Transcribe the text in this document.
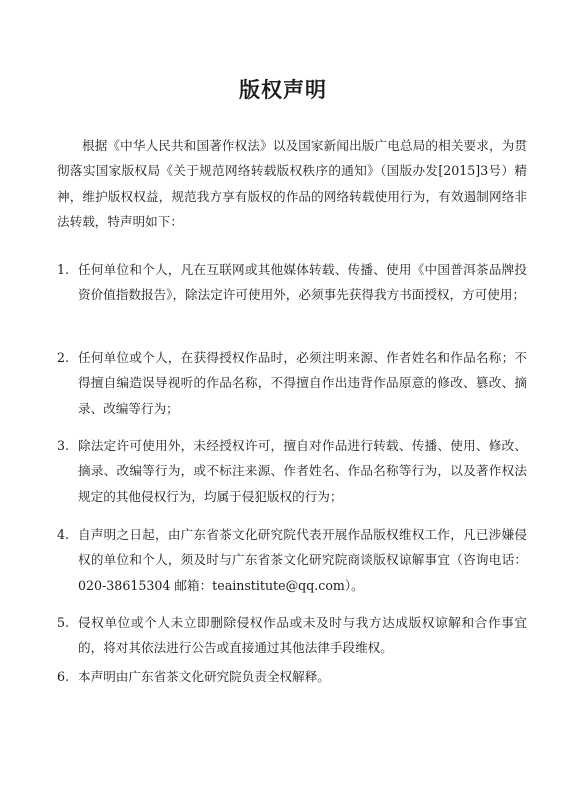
版权声明

根据《中华人民共和国著作权法》以及国家新闻出版广电总局的相关要求，为贯彻落实国家版权局《关于规范网络转载版权秩序的通知》（国版办发[2015]3号）精神，维护版权权益，规范我方享有版权的作品的网络转载使用行为，有效遏制网络非法转载，特声明如下：

1. 任何单位和个人，凡在互联网或其他媒体转载、传播、使用《中国普洱茶品牌投资价值指数报告》，除法定许可使用外，必须事先获得我方书面授权，方可使用；

2. 任何单位或个人，在获得授权作品时，必须注明来源、作者姓名和作品名称；不得擅自编造误导视听的作品名称，不得擅自作出违背作品原意的修改、篡改、摘录、改编等行为；

3. 除法定许可使用外，未经授权许可，擅自对作品进行转载、传播、使用、修改、摘录、改编等行为，或不标注来源、作者姓名、作品名称等行为，以及著作权法规定的其他侵权行为，均属于侵犯版权的行为；

4. 自声明之日起，由广东省茶文化研究院代表开展作品版权维权工作，凡已涉嫌侵权的单位和个人，须及时与广东省茶文化研究院商谈版权谅解事宜（咨询电话：020-38615304 邮箱：teainstitute@qq.com）。

5. 侵权单位或个人未立即删除侵权作品或未及时与我方达成版权谅解和合作事宜的，将对其依法进行公告或直接通过其他法律手段维权。

6. 本声明由广东省茶文化研究院负责全权解释。
